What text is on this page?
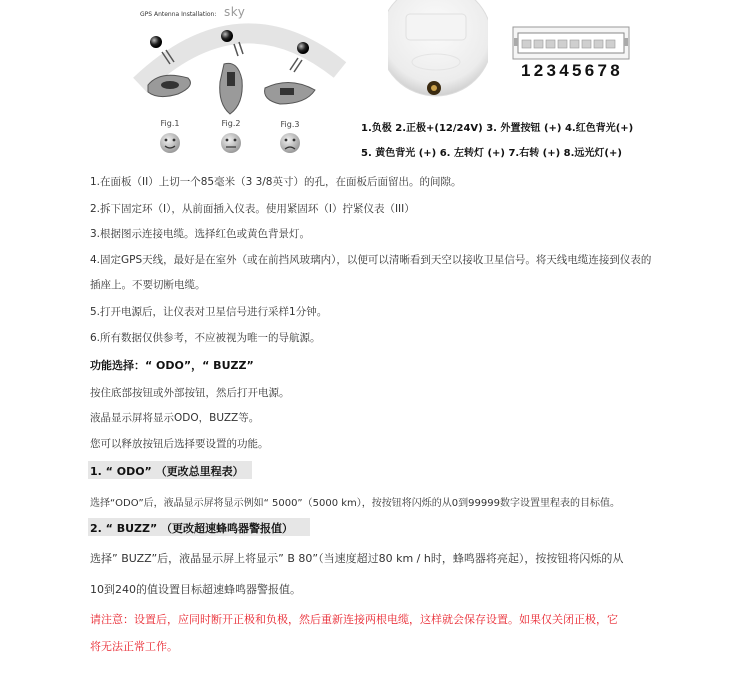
GPS Antenna Installation: sky
Fig.1	Fig.2	Fig.3
12345678
1.负极 2.正极+(12/24V) 3. 外置按钮 (+) 4.红色背光(+)
5. 黄色背光 (+) 6. 左转灯 (+) 7.右转 (+) 8.远光灯(+)
1.在面板（II）上切一个85毫米（3 3/8英寸）的孔，在面板后面留出。的间隙。
2.拆下固定环（I），从前面插入仪表。使用紧固环（I）拧紧仪表（III）
3.根据图示连接电缆。选择红色或黄色背景灯。
4.固定GPS天线，最好是在室外（或在前挡风玻璃内），以便可以清晰看到天空以接收卫星信号。将天线电缆连接到仪表的
插座上。不要切断电缆。
5.打开电源后，让仪表对卫星信号进行采样1分钟。
6.所有数据仅供参考，不应被视为唯一的导航源。
功能选择：“ ODO”，“ BUZZ”
按住底部按钮或外部按钮，然后打开电源。
液晶显示屏将显示ODO，BUZZ等。
您可以释放按钮后选择要设置的功能。
1. “ ODO” （更改总里程表）
选择“ODO”后，液晶显示屏将显示例如“ 5000”（5000 km），按按钮将闪烁的从0到99999数字设置里程表的目标值。
2. “ BUZZ” （更改超速蜂鸣器警报值）
选择” BUZZ”后，液晶显示屏上将显示” B 80”（当速度超过80 km / h时，蜂鸣器将亮起），按按钮将闪烁的从
10到240的值设置目标超速蜂鸣器警报值。
请注意：设置后，应同时断开正极和负极，然后重新连接两根电缆，这样就会保存设置。如果仅关闭正极，它
将无法正常工作。
